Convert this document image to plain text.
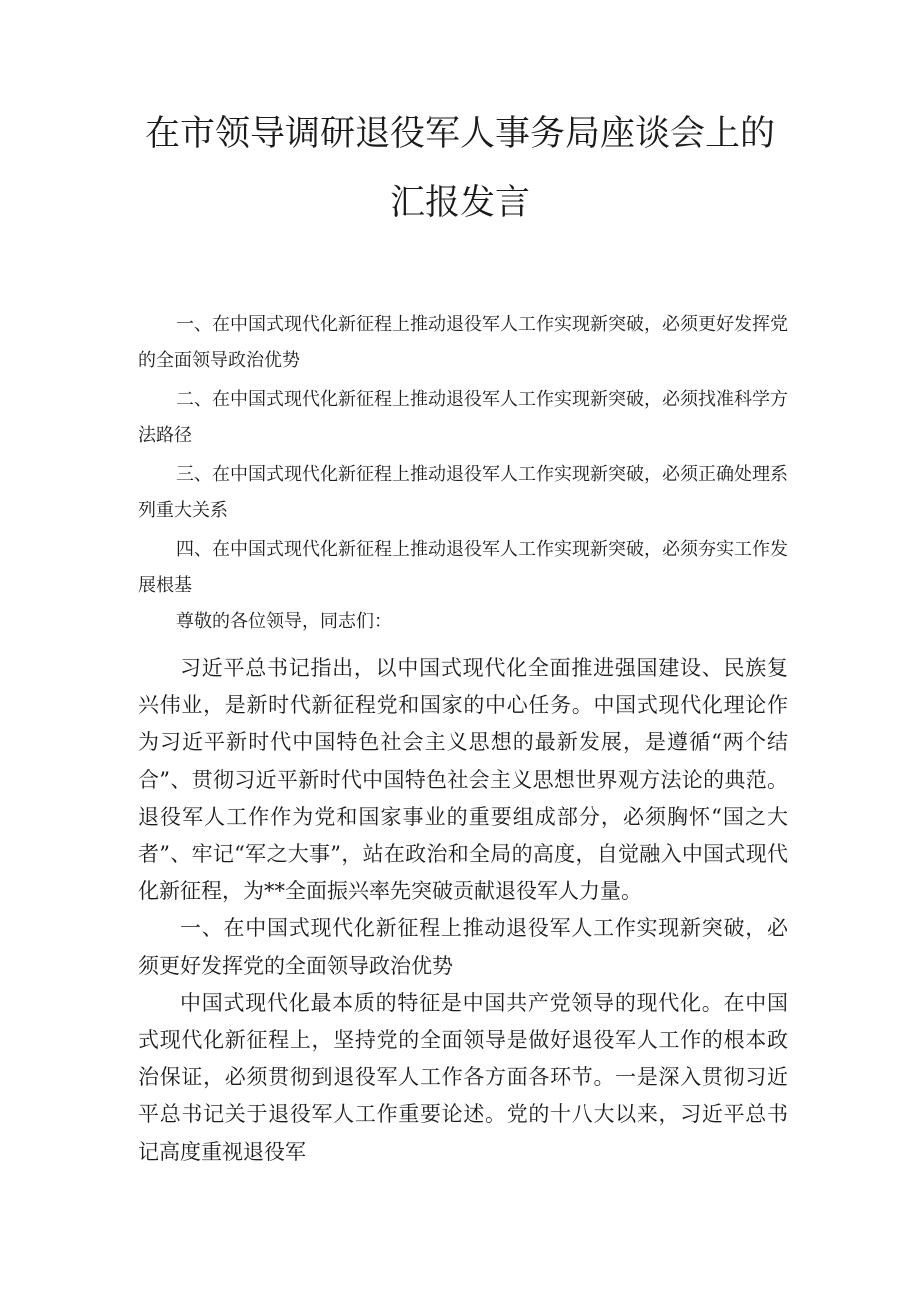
在市领导调研退役军人事务局座谈会上的
汇报发言

一、在中国式现代化新征程上推动退役军人工作实现新突破，必须更好发挥党的全面领导政治优势

二、在中国式现代化新征程上推动退役军人工作实现新突破，必须找准科学方法路径

三、在中国式现代化新征程上推动退役军人工作实现新突破，必须正确处理系列重大关系

四、在中国式现代化新征程上推动退役军人工作实现新突破，必须夯实工作发展根基

尊敬的各位领导，同志们：

习近平总书记指出，以中国式现代化全面推进强国建设、民族复兴伟业，是新时代新征程党和国家的中心任务。中国式现代化理论作为习近平新时代中国特色社会主义思想的最新发展，是遵循“两个结合”、贯彻习近平新时代中国特色社会主义思想世界观方法论的典范。退役军人工作作为党和国家事业的重要组成部分，必须胸怀“国之大者”、牢记“军之大事”，站在政治和全局的高度，自觉融入中国式现代化新征程，为**全面振兴率先突破贡献退役军人力量。

一、在中国式现代化新征程上推动退役军人工作实现新突破，必须更好发挥党的全面领导政治优势

中国式现代化最本质的特征是中国共产党领导的现代化。在中国式现代化新征程上，坚持党的全面领导是做好退役军人工作的根本政治保证，必须贯彻到退役军人工作各方面各环节。一是深入贯彻习近平总书记关于退役军人工作重要论述。党的十八大以来，习近平总书记高度重视退役军
